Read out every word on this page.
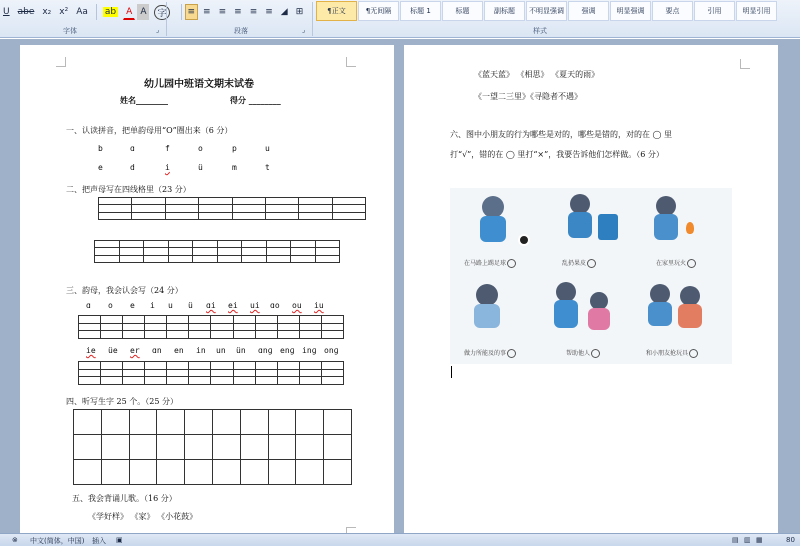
U abe x₂ x² Aa	ab	A A	字	≡ ≡ ≡ ≡ ≡ ≡ ◢ ⊞	¶正文	¶无间隔	标题 1	标题	副标题	不明显强调	强调	明显强调	要点	引用	明显引用
字体	⌟	段落	⌟	样式
幼儿园中班语文期末试卷
姓名________	得分 ________
一、认读拼音，把单韵母用“O”圈出来（6 分）
b	ɑ	f	o	p	u
e	d	i	ü	m	t
二、把声母写在四线格里（23 分）

三、韵母，我会认会写（24 分）
ɑ o e i u ü ɑi ei ui ɑo ou iu

ie üe er ɑn en in un ün ɑnɡ enɡ inɡ onɡ

四、听写生字 25 个。（25 分）

五、我会背诵儿歌。（16 分）
《学好样》 《家》 《小花鼓》
《蓝天蓝》 《相思》 《夏天的雨》
《一望二三里》《寻隐者不遇》
六、图中小朋友的行为哪些是对的，哪些是错的，对的在 ◯ 里
打“√”，错的在 ◯ 里打“×”，我要告诉他们怎样做。（6 分）
在马路上踢足球	乱扔果皮	在家里玩火
做力所能及的事	帮助他人	和小朋友抢玩具
⊗ 中文(简体，中国) 插入 ▣	▤ ▥ ▦	80
